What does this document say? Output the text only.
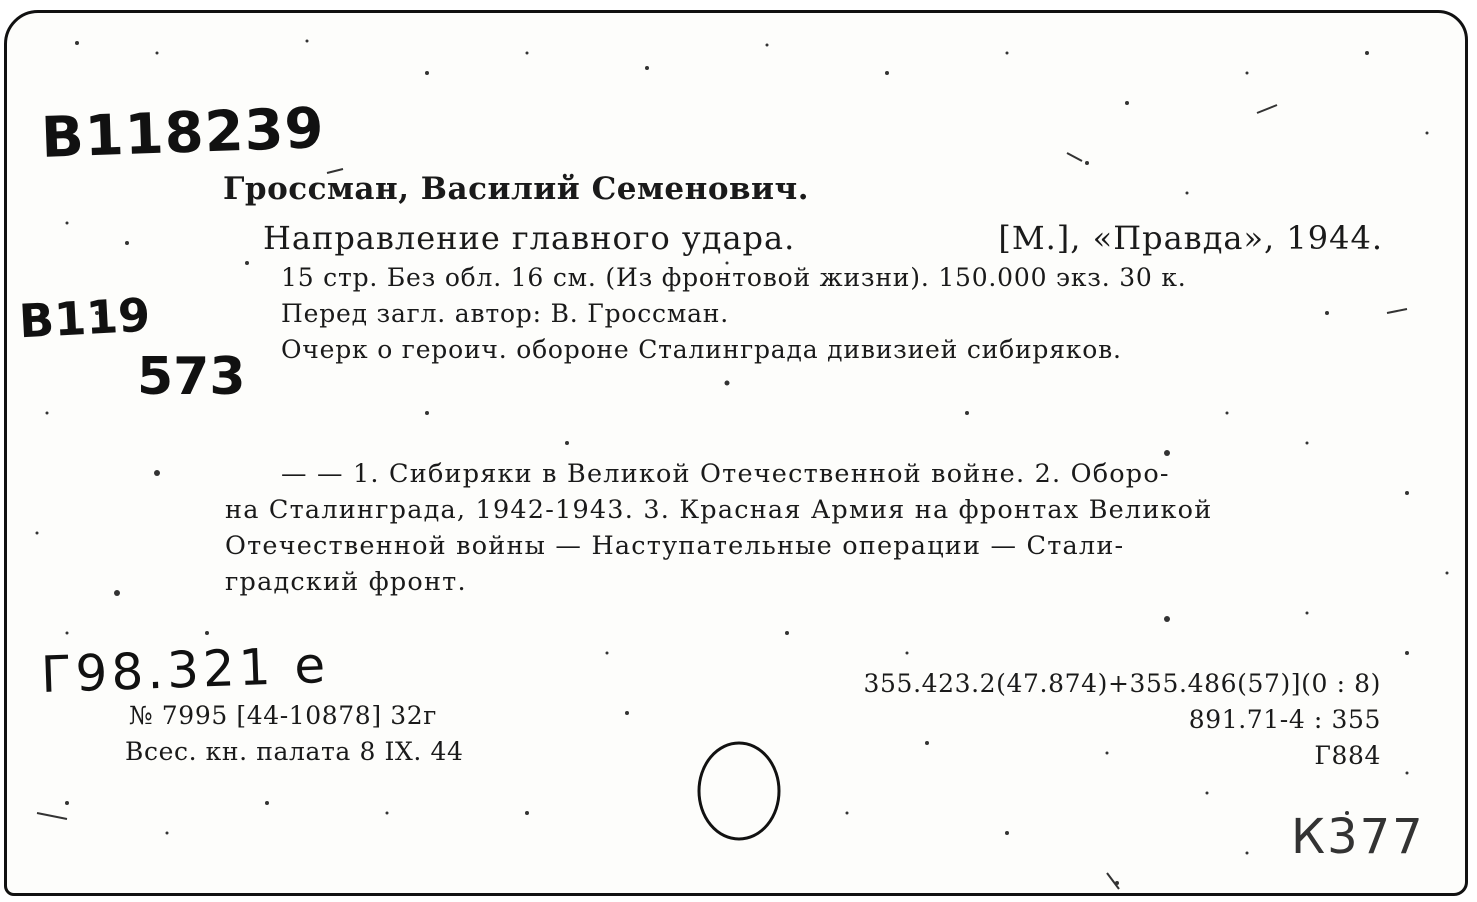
B118239
B119
573
Г98.321 е
К377
Гроссман, Василий Семенович.
Направление главного удара.	[М.], «Правда», 1944.
15 стр. Без обл. 16 см. (Из фронтовой жизни). 150.000 экз. 30 к.
Перед загл. автор: В. Гроссман.
Очерк о героич. обороне Сталинграда дивизией сибиряков.
— — 1. Сибиряки в Великой Отечественной войне. 2. Оборо-
на Сталинграда, 1942-1943. 3. Красная Армия на фронтах Великой
Отечественной войны — Наступательные операции — Стали-
градский фронт.
№ 7995 [44-10878] 32г
Всес. кн. палата 8 IX. 44
355.423.2(47.874)+355.486(57)](0 : 8)
891.71-4 : 355
Г884
